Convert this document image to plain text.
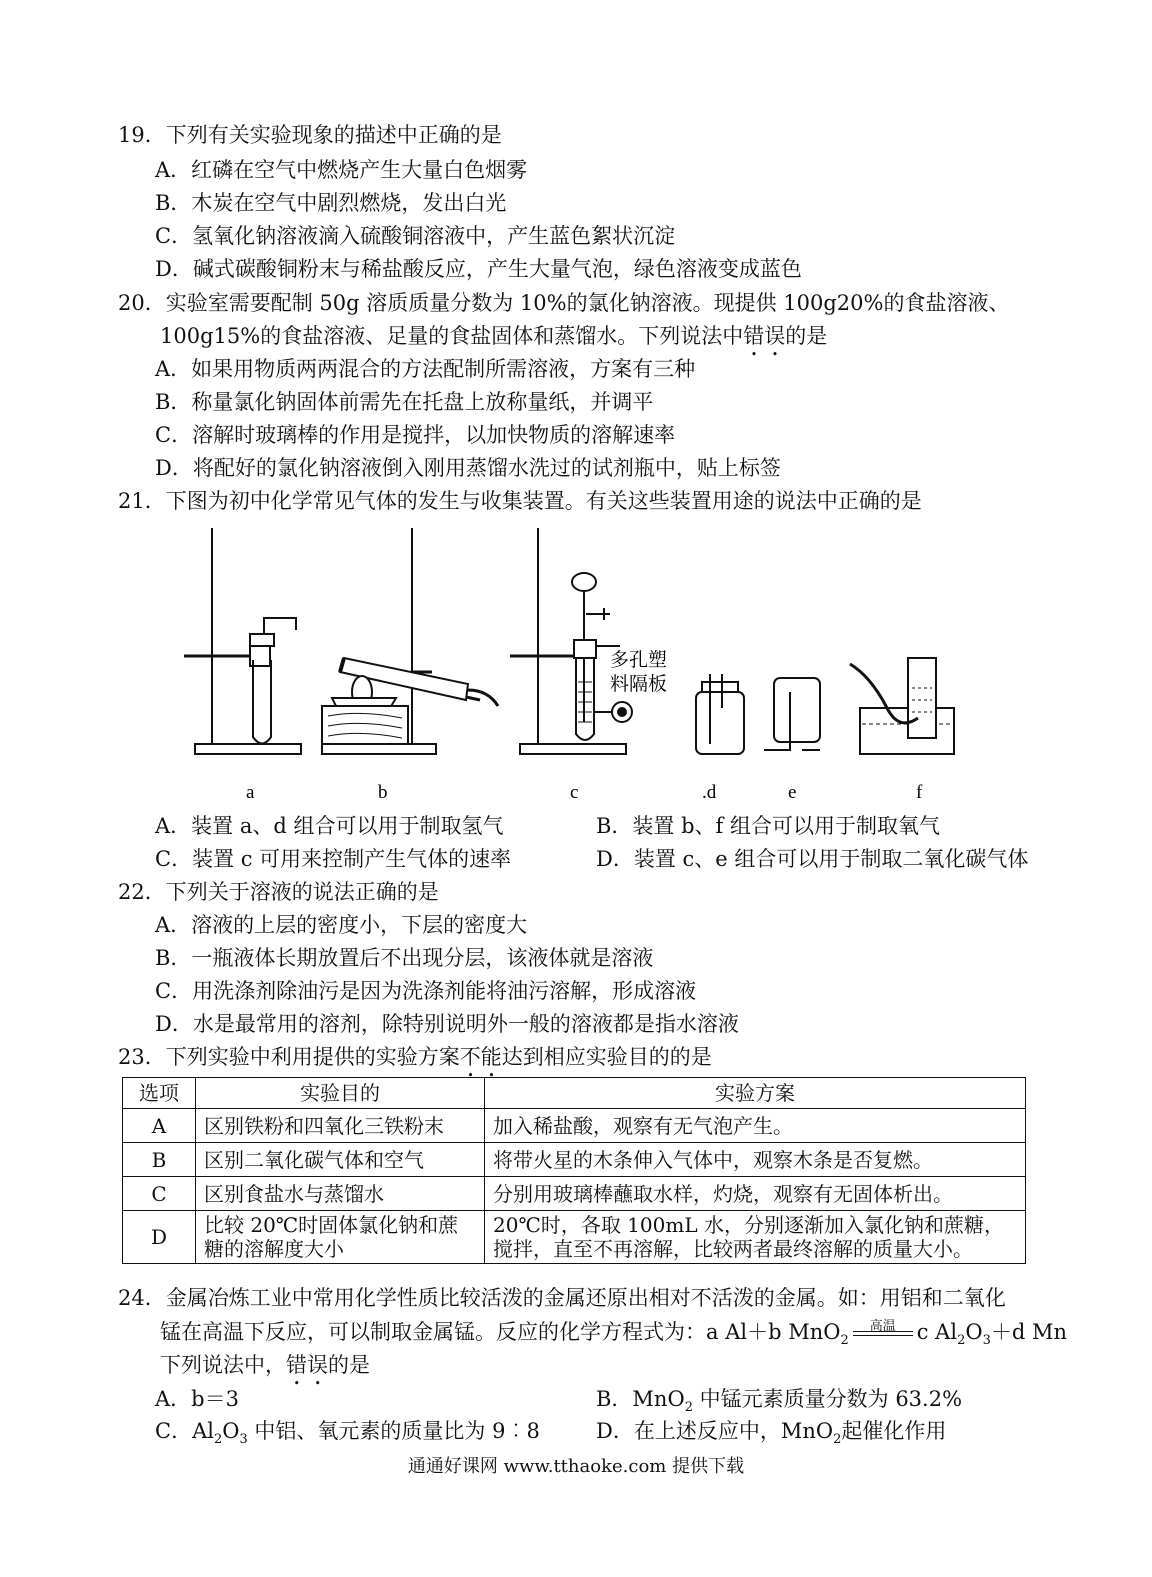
19．下列有关实验现象的描述中正确的是
A．红磷在空气中燃烧产生大量白色烟雾
B．木炭在空气中剧烈燃烧，发出白光
C．氢氧化钠溶液滴入硫酸铜溶液中，产生蓝色絮状沉淀
D．碱式碳酸铜粉末与稀盐酸反应，产生大量气泡，绿色溶液变成蓝色
20．实验室需要配制 50g 溶质质量分数为 10%的氯化钠溶液。现提供 100g20%的食盐溶液、
100g15%的食盐溶液、足量的食盐固体和蒸馏水。下列说法中错误的是
A．如果用物质两两混合的方法配制所需溶液，方案有三种
B．称量氯化钠固体前需先在托盘上放称量纸，并调平
C．溶解时玻璃棒的作用是搅拌，以加快物质的溶解速率
D．将配好的氯化钠溶液倒入刚用蒸馏水洗过的试剂瓶中，贴上标签
21．下图为初中化学常见气体的发生与收集装置。有关这些装置用途的说法中正确的是
多孔塑
料隔板
a	b	c	.d	e	f
A．装置 a、d 组合可以用于制取氢气	B．装置 b、f 组合可以用于制取氧气
C．装置 c 可用来控制产生气体的速率	D．装置 c、e 组合可以用于制取二氧化碳气体
22．下列关于溶液的说法正确的是
A．溶液的上层的密度小，下层的密度大
B．一瓶液体长期放置后不出现分层，该液体就是溶液
C．用洗涤剂除油污是因为洗涤剂能将油污溶解，形成溶液
D．水是最常用的溶剂，除特别说明外一般的溶液都是指水溶液
23．下列实验中利用提供的实验方案不能达到相应实验目的的是
选项	实验目的	实验方案
A	区别铁粉和四氧化三铁粉末	加入稀盐酸，观察有无气泡产生。
B	区别二氧化碳气体和空气	将带火星的木条伸入气体中，观察木条是否复燃。
C	区别食盐水与蒸馏水	分别用玻璃棒蘸取水样，灼烧，观察有无固体析出。
D	比较 20℃时固体氯化钠和蔗糖的溶解度大小	20℃时，各取 100mL 水，分别逐渐加入氯化钠和蔗糖，搅拌，直至不再溶解，比较两者最终溶解的质量大小。
24．金属冶炼工业中常用化学性质比较活泼的金属还原出相对不活泼的金属。如：用铝和二氧化
锰在高温下反应，可以制取金属锰。反应的化学方程式为：a Al＋b MnO$_2$
高温	c $Al_2O_3+d$ Mn
下列说法中，错误的是
A．b＝3	B．MnO$_2$ 中锰元素质量分数为 63.2%
C．$Al_2O_3$ 中铝、氧元素的质量比为 9︰8	D．在上述反应中，MnO$_2$起催化作用
通通好课网 www.tthaoke.com 提供下载
